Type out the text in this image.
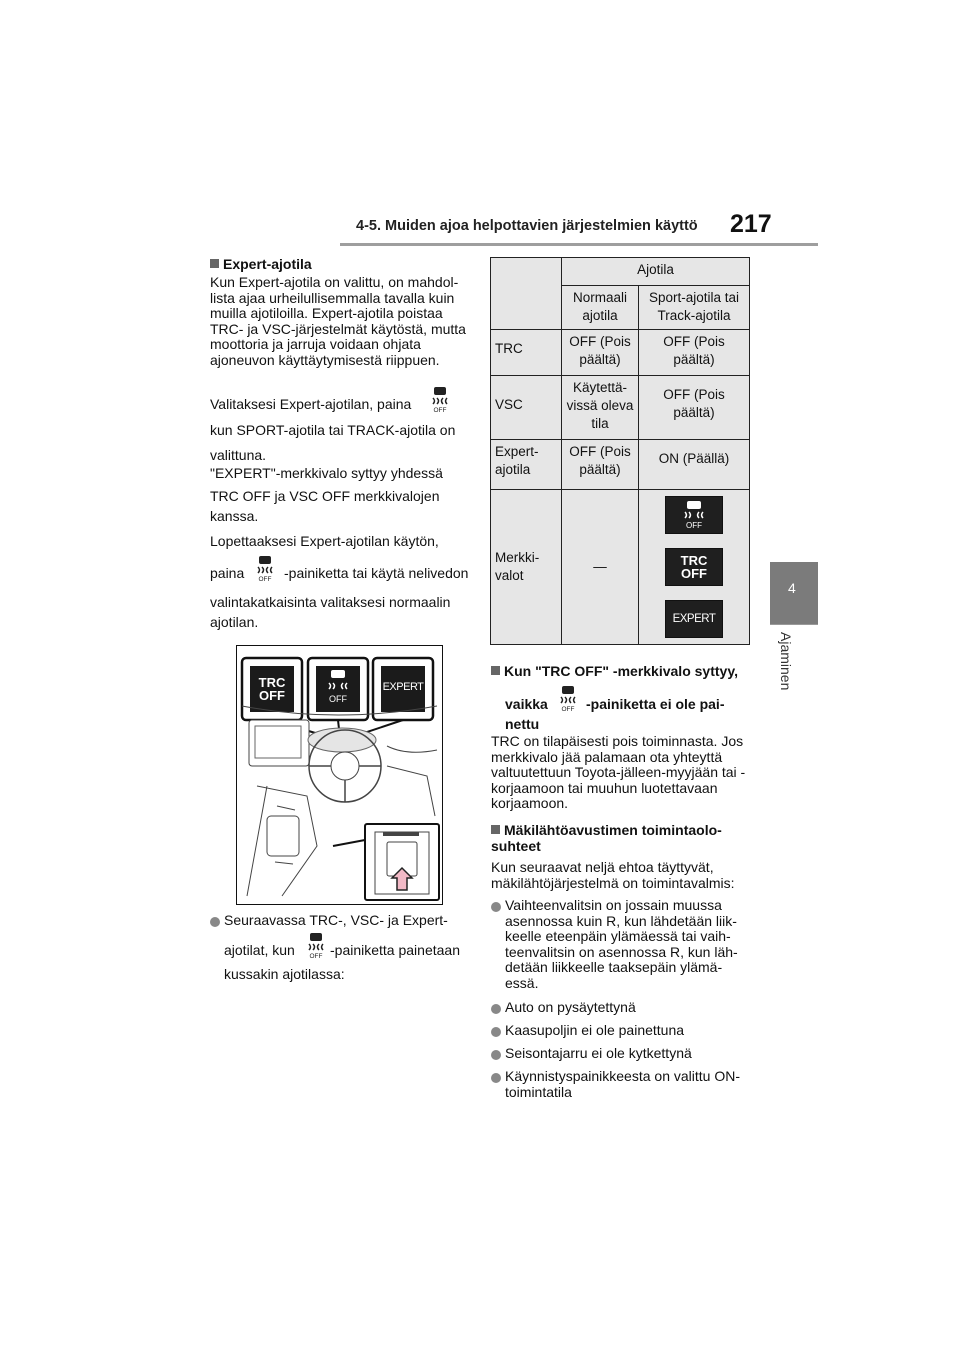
4-5. Muiden ajoa helpottavien järjestelmien käyttö 217
4
Ajaminen
Expert-ajotila
Kun Expert-ajotila on valittu, on mahdol-lista ajaa urheilullisemmalla tavalla kuin muilla ajotiloilla. Expert-ajotila poistaa TRC- ja VSC-järjestelmät käytöstä, mutta moottoria ja jarruja voidaan ohjata ajoneuvon käyttäytymisestä riippuen.
Valitaksesi Expert-ajotilan, paina	OFF
kun SPORT-ajotila tai TRACK-ajotila on
valittuna.
"EXPERT"-merkkivalo syttyy yhdessä
TRC OFF ja VSC OFF merkkivalojen
kanssa.
Lopettaaksesi Expert-ajotilan käytön,
paina OFF -painiketta tai käytä nelivedon
valintakatkaisinta valitaksesi normaalin
ajotilan.
TRC
OFF	OFF
EXPERT
Seuraavassa TRC-, VSC- ja Expert-
ajotilat, kun OFF -painiketta painetaan
kussakin ajotilassa:
	Ajotila	
	Normaali ajotila	Sport-ajotila tai Track-ajotila
TRC	OFF (Pois päältä)	OFF (Pois päältä)
VSC	Käytettä-vissä oleva tila	OFF (Pois päältä)
Expert-ajotila	OFF (Pois päältä)	ON (Päällä)
Merkki-valot	—	OFF
TRC
OFF
EXPERT
Kun "TRC OFF" -merkkivalo syttyy,
vaikka OFF -painiketta ei ole pai-
nettu
TRC on tilapäisesti pois toiminnasta. Jos merkkivalo jää palamaan ota yhteyttä valtuutettuun Toyota-jälleen-myyjään tai -korjaamoon tai muuhun luotettavaan korjaamoon.
Mäkilähtöavustimen toimintaolo-suhteet
Kun seuraavat neljä ehtoa täyttyvät, mäkilähtöjärjestelmä on toimintavalmis:
Vaihteenvalitsin on jossain muussa asennossa kuin R, kun lähdetään liik-keelle eteenpäin ylämäessä tai vaih-teenvalitsin on asennossa R, kun läh-detään liikkeelle taaksepäin ylämä-essä.
Auto on pysäytettynä
Kaasupoljin ei ole painettuna
Seisontajarru ei ole kytkettynä
Käynnistyspainikkeesta on valittu ON-toimintatila
